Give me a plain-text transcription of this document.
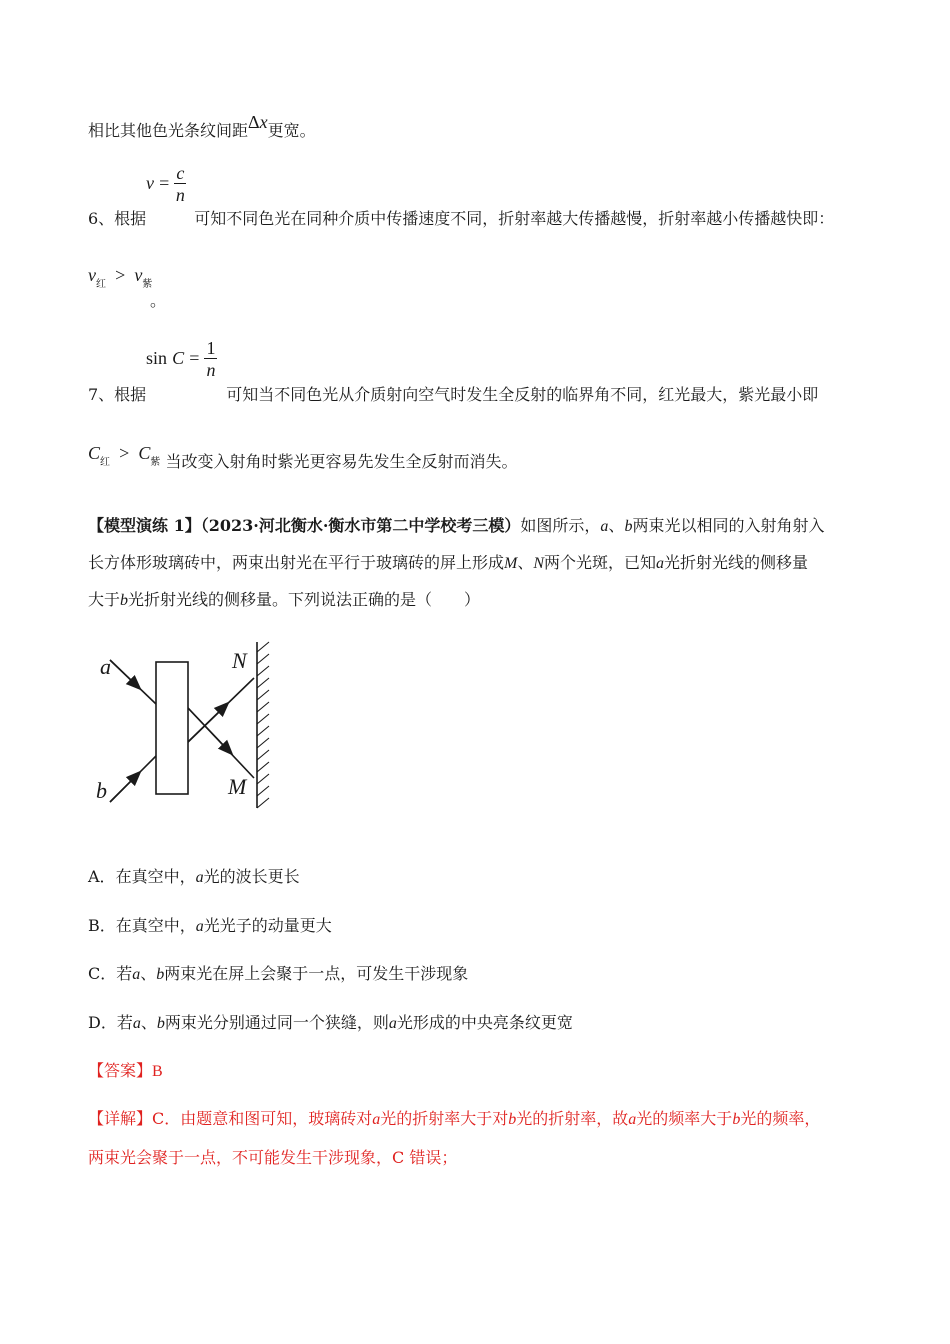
相比其他色光条纹间距Δx更宽。
$v = \frac{c}{n}$
6、根据	可知不同色光在同种介质中传播速度不同，折射率越大传播越慢，折射率越小传播越快即：
$v_红 > v_紫$
。
$\sin C = \frac{1}{n}$
7、根据	可知当不同色光从介质射向空气时发生全反射的临界角不同，红光最大，紫光最小即
$C_红 > C_紫$ 当改变入射角时紫光更容易先发生全反射而消失。
【模型演练 1】（2023·河北衡水·衡水市第二中学校考三模）如图所示，a、b两束光以相同的入射角射入
长方体形玻璃砖中，两束出射光在平行于玻璃砖的屏上形成M、N两个光斑，已知a光折射光线的侧移量
大于b光折射光线的侧移量。下列说法正确的是（　　）
a
b
N
M
A．在真空中，a光的波长更长
B．在真空中，a光光子的动量更大
C．若a、b两束光在屏上会聚于一点，可发生干涉现象
D．若a、b两束光分别通过同一个狭缝，则a光形成的中央亮条纹更宽
【答案】B
【详解】C．由题意和图可知，玻璃砖对a光的折射率大于对b光的折射率，故a光的频率大于b光的频率，
两束光会聚于一点，不可能发生干涉现象，C 错误；
